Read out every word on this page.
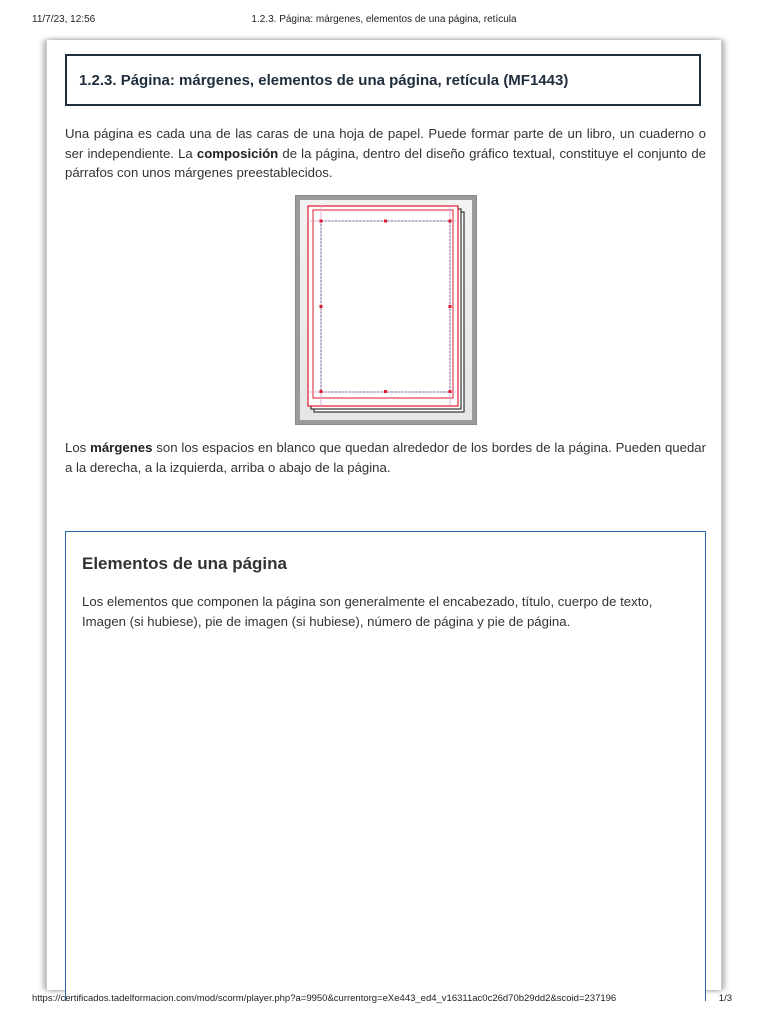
11/7/23, 12:56	1.2.3. Página: márgenes, elementos de una página, retícula
1.2.3. Página: márgenes, elementos de una página, retícula (MF1443)

Una página es cada una de las caras de una hoja de papel. Puede formar parte de un libro, un cuaderno o ser independiente. La composición de la página, dentro del diseño gráfico textual, constituye el conjunto de párrafos con unos márgenes preestablecidos.

Los márgenes son los espacios en blanco que quedan alrededor de los bordes de la página. Pueden quedar a la derecha, a la izquierda, arriba o abajo de la página.

Elementos de una página

Los elementos que componen la página son generalmente el encabezado, título, cuerpo de texto, Imagen (si hubiese), pie de imagen (si hubiese), número de página y pie de página.

https://certificados.tadelformacion.com/mod/scorm/player.php?a=9950&currentorg=eXe443_ed4_v16311ac0c26d70b29dd2&scoid=237196	1/3
